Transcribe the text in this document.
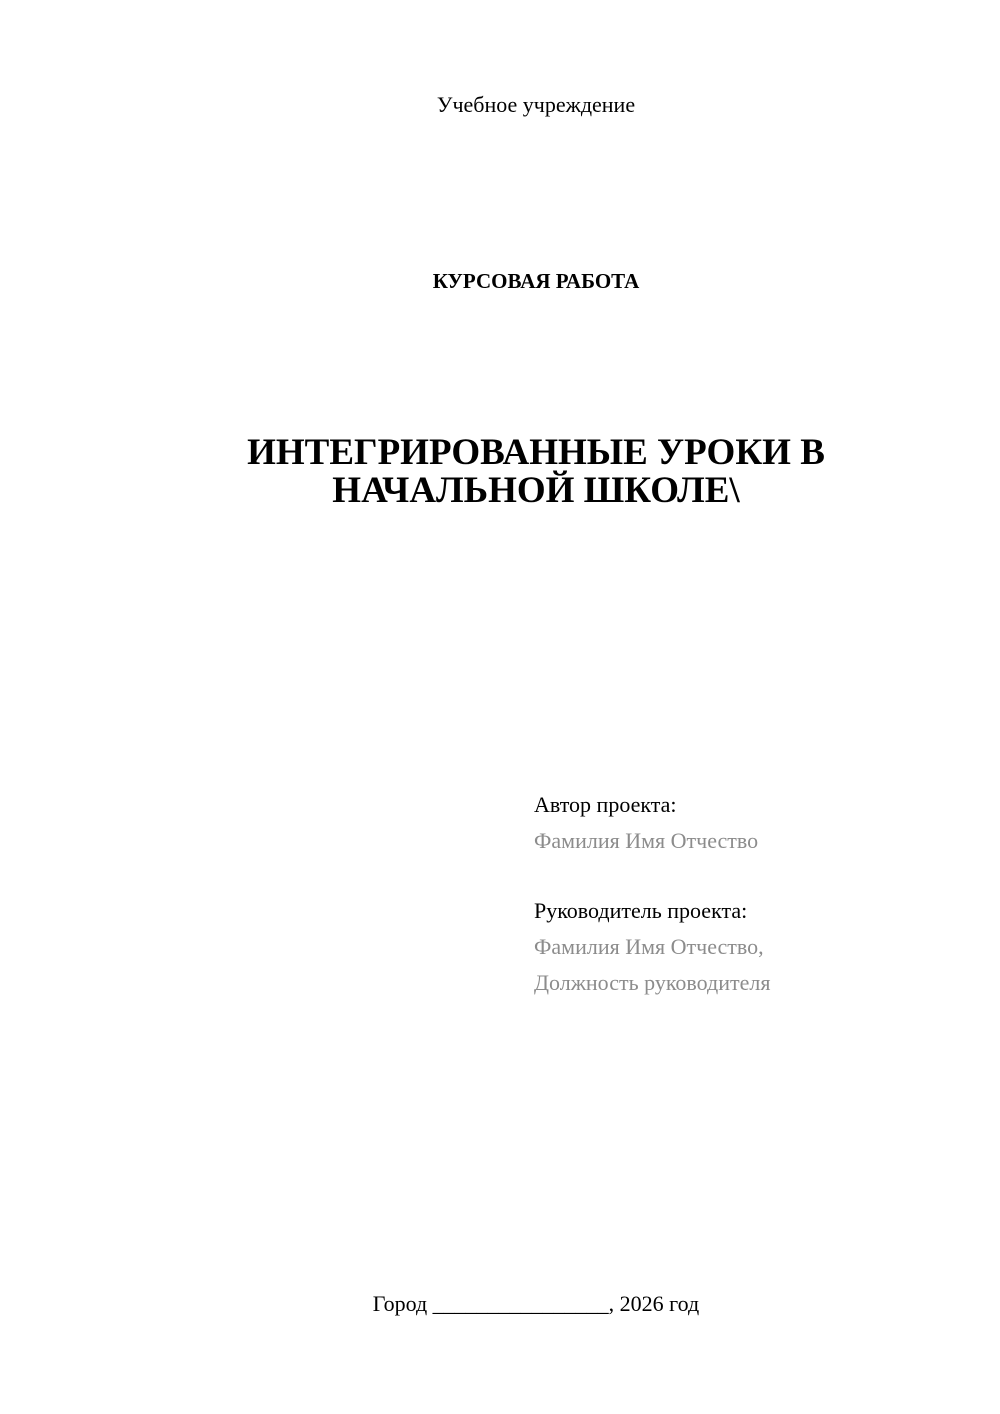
Учебное учреждение
КУРСОВАЯ РАБОТА
ИНТЕГРИРОВАННЫЕ УРОКИ В
НАЧАЛЬНОЙ ШКОЛЕ\
Автор проекта:
Фамилия Имя Отчество
Руководитель проекта:
Фамилия Имя Отчество,
Должность руководителя
Город ________________, 2026 год
